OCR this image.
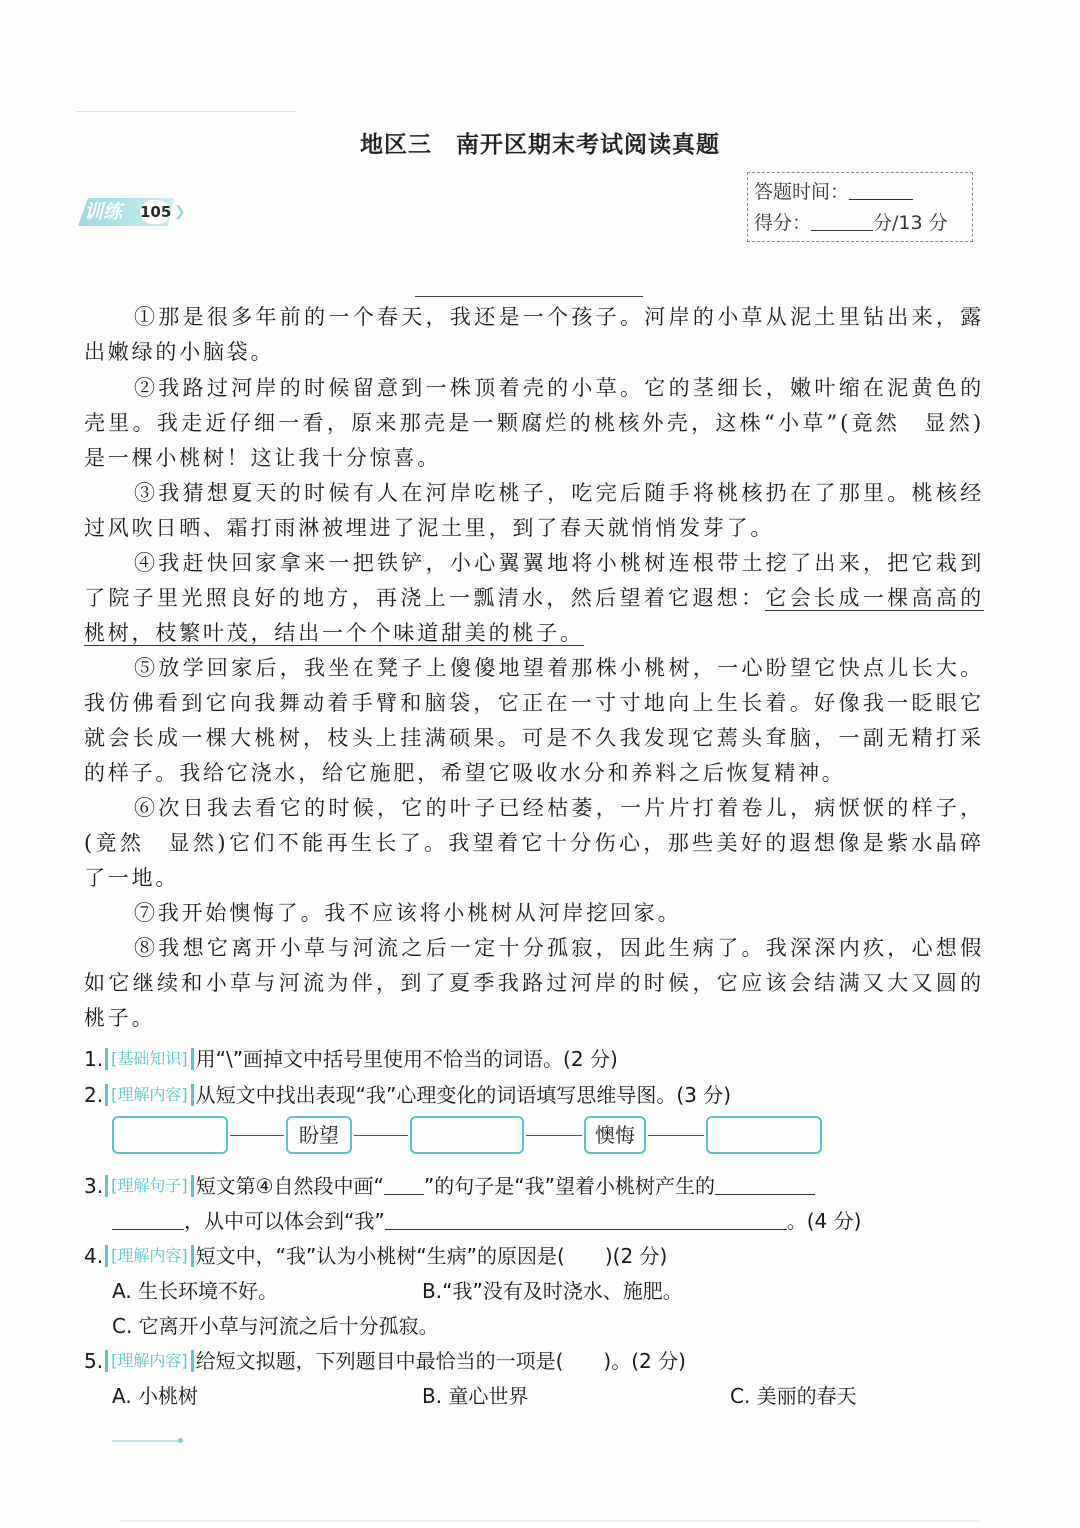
地区三　南开区期末考试阅读真题
训练 105 ❯
答题时间：
得分：	分/13 分

①那是很多年前的一个春天，我还是一个孩子。河岸的小草从泥土里钻出来，露出嫩绿的小脑袋。

②我路过河岸的时候留意到一株顶着壳的小草。它的茎细长，嫩叶缩在泥黄色的壳里。我走近仔细一看，原来那壳是一颗腐烂的桃核外壳，这株“小草”(竟然　显然)是一棵小桃树！这让我十分惊喜。

③我猜想夏天的时候有人在河岸吃桃子，吃完后随手将桃核扔在了那里。桃核经过风吹日晒、霜打雨淋被埋进了泥土里，到了春天就悄悄发芽了。

④我赶快回家拿来一把铁铲，小心翼翼地将小桃树连根带土挖了出来，把它栽到了院子里光照良好的地方，再浇上一瓢清水，然后望着它遐想：它会长成一棵高高的桃树，枝繁叶茂，结出一个个味道甜美的桃子。

⑤放学回家后，我坐在凳子上傻傻地望着那株小桃树，一心盼望它快点儿长大。我仿佛看到它向我舞动着手臂和脑袋，它正在一寸寸地向上生长着。好像我一眨眼它就会长成一棵大桃树，枝头上挂满硕果。可是不久我发现它蔫头耷脑，一副无精打采的样子。我给它浇水，给它施肥，希望它吸收水分和养料之后恢复精神。

⑥次日我去看它的时候，它的叶子已经枯萎，一片片打着卷儿，病恹恹的样子，(竟然　显然)它们不能再生长了。我望着它十分伤心，那些美好的遐想像是紫水晶碎了一地。

⑦我开始懊悔了。我不应该将小桃树从河岸挖回家。

⑧我想它离开小草与河流之后一定十分孤寂，因此生病了。我深深内疚，心想假如它继续和小草与河流为伴，到了夏季我路过河岸的时候，它应该会结满又大又圆的桃子。

1. [基础知识] 用“\”画掉文中括号里使用不恰当的词语。(2 分)
2. [理解内容] 从短文中找出表现“我”心理变化的词语填写思维导图。(3 分)
3. [理解句子] 短文第④自然段中画“ ”的句子是“我”望着小桃树产生的
，从中可以体会到“我”	。(4 分)
4. [理解内容] 短文中，“我”认为小桃树“生病”的原因是(　　)(2 分)
A. 生长环境不好。	B.“我”没有及时浇水、施肥。
C. 它离开小草与河流之后十分孤寂。
5. [理解内容] 给短文拟题，下列题目中最恰当的一项是(　　)。(2 分)
A. 小桃树	B. 童心世界	C. 美丽的春天
盼望	懊悔
